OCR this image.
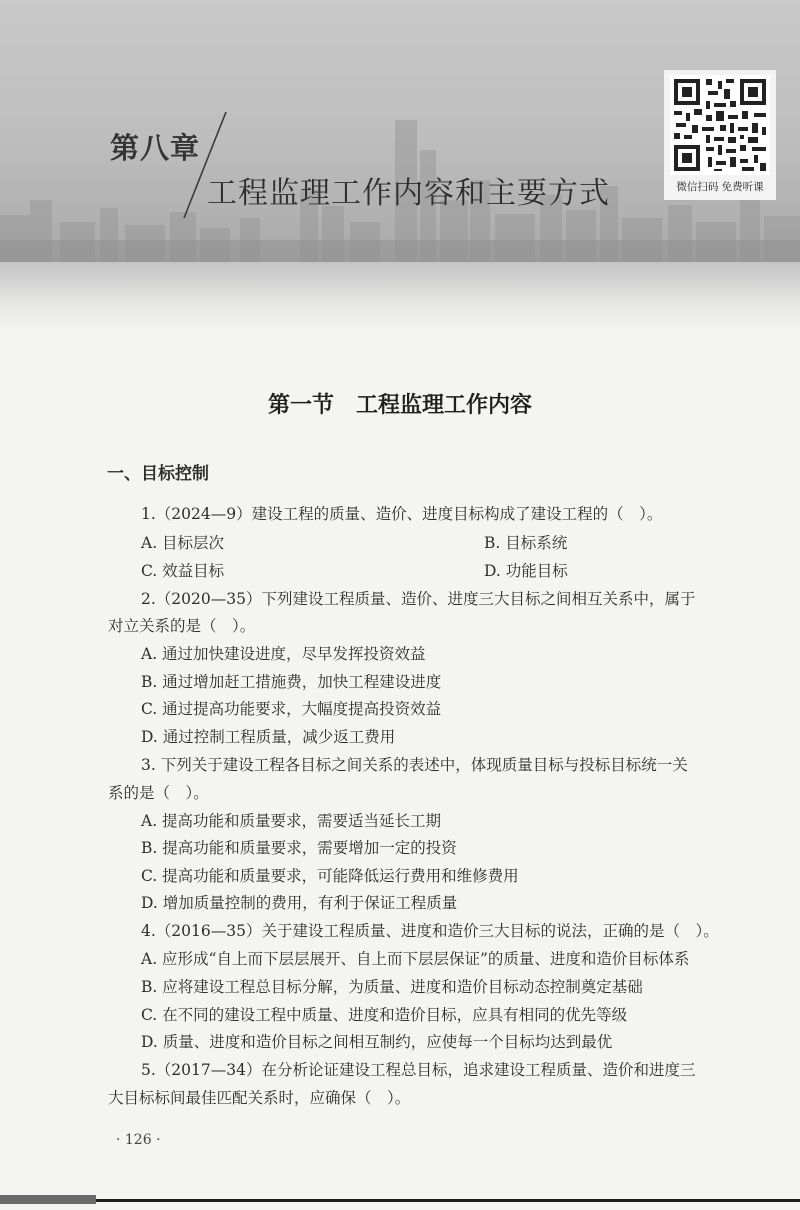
第八章
工程监理工作内容和主要方式	微信扫码 免费听课
第一节　工程监理工作内容
一、目标控制
1.（2024—9）建设工程的质量、造价、进度目标构成了建设工程的（　）。
A. 目标层次	B. 目标系统
C. 效益目标	D. 功能目标
2.（2020—35）下列建设工程质量、造价、进度三大目标之间相互关系中，属于
对立关系的是（　）。
A. 通过加快建设进度，尽早发挥投资效益
B. 通过增加赶工措施费，加快工程建设进度
C. 通过提高功能要求，大幅度提高投资效益
D. 通过控制工程质量，减少返工费用
3. 下列关于建设工程各目标之间关系的表述中，体现质量目标与投标目标统一关
系的是（　）。
A. 提高功能和质量要求，需要适当延长工期
B. 提高功能和质量要求，需要增加一定的投资
C. 提高功能和质量要求，可能降低运行费用和维修费用
D. 增加质量控制的费用，有利于保证工程质量
4.（2016—35）关于建设工程质量、进度和造价三大目标的说法，正确的是（　）。
A. 应形成“自上而下层层展开、自上而下层层保证”的质量、进度和造价目标体系
B. 应将建设工程总目标分解，为质量、进度和造价目标动态控制奠定基础
C. 在不同的建设工程中质量、进度和造价目标，应具有相同的优先等级
D. 质量、进度和造价目标之间相互制约，应使每一个目标均达到最优
5.（2017—34）在分析论证建设工程总目标，追求建设工程质量、造价和进度三
大目标标间最佳匹配关系时，应确保（　）。
· 126 ·
